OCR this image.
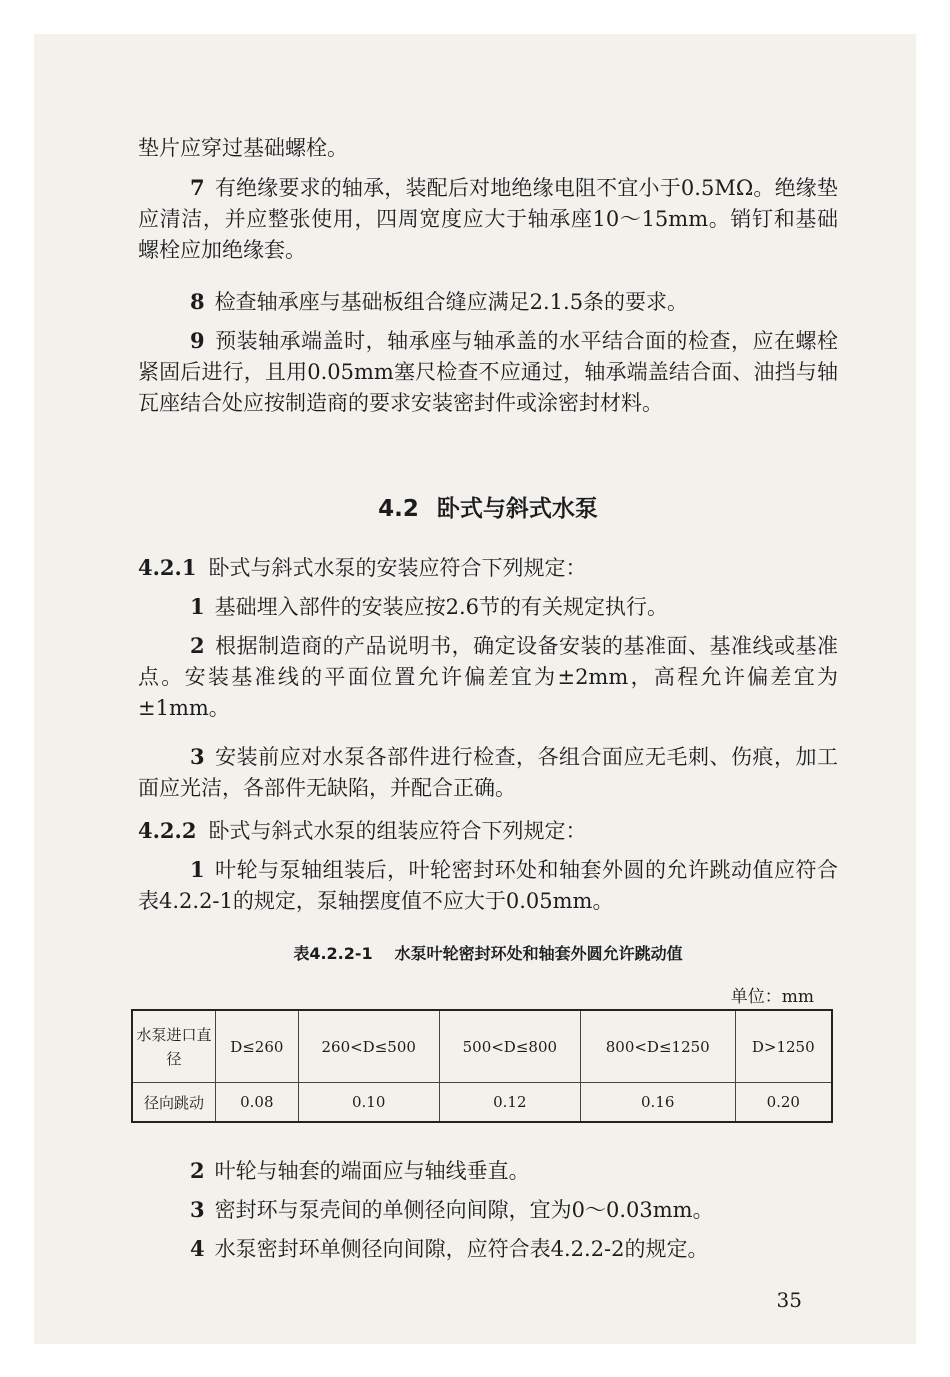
垫片应穿过基础螺栓。

7 有绝缘要求的轴承，装配后对地绝缘电阻不宜小于0.5MΩ。绝缘垫应清洁，并应整张使用，四周宽度应大于轴承座10～15mm。销钉和基础螺栓应加绝缘套。

8 检查轴承座与基础板组合缝应满足2.1.5条的要求。

9 预装轴承端盖时，轴承座与轴承盖的水平结合面的检查，应在螺栓紧固后进行，且用0.05mm塞尺检查不应通过，轴承端盖结合面、油挡与轴瓦座结合处应按制造商的要求安装密封件或涂密封材料。

4.2 卧式与斜式水泵

4.2.1 卧式与斜式水泵的安装应符合下列规定：

1 基础埋入部件的安装应按2.6节的有关规定执行。

2 根据制造商的产品说明书，确定设备安装的基准面、基准线或基准点。安装基准线的平面位置允许偏差宜为±2mm，高程允许偏差宜为±1mm。

3 安装前应对水泵各部件进行检查，各组合面应无毛刺、伤痕，加工面应光洁，各部件无缺陷，并配合正确。

4.2.2 卧式与斜式水泵的组装应符合下列规定：

1 叶轮与泵轴组装后，叶轮密封环处和轴套外圆的允许跳动值应符合表4.2.2-1的规定，泵轴摆度值不应大于0.05mm。

表4.2.2-1 水泵叶轮密封环处和轴套外圆允许跳动值

单位：mm

水泵进口直径	D≤260	260<D≤500	500<D≤800	800<D≤1250	D>1250
径向跳动	0.08	0.10	0.12	0.16	0.20

2 叶轮与轴套的端面应与轴线垂直。

3 密封环与泵壳间的单侧径向间隙，宜为0～0.03mm。

4 水泵密封环单侧径向间隙，应符合表4.2.2-2的规定。

35
